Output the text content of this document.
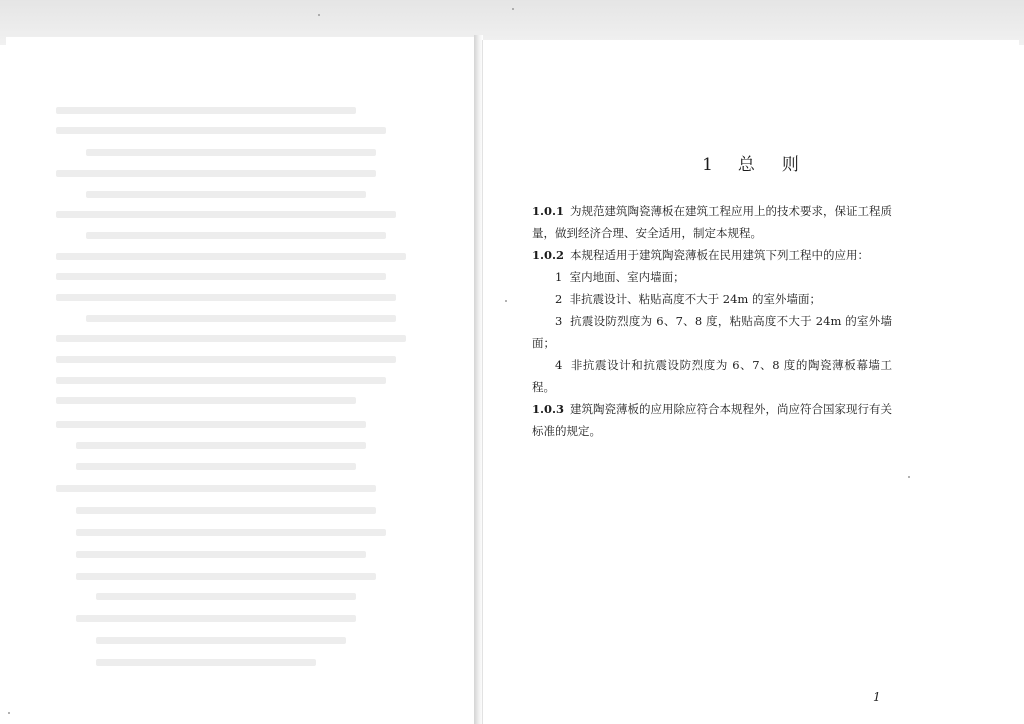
1 总 则

1.0.1 为规范建筑陶瓷薄板在建筑工程应用上的技术要求，保证工程质量，做到经济合理、安全适用，制定本规程。

1.0.2 本规程适用于建筑陶瓷薄板在民用建筑下列工程中的应用：

1 室内地面、室内墙面；

2 非抗震设计、粘贴高度不大于 24m 的室外墙面；

3 抗震设防烈度为 6、7、8 度，粘贴高度不大于 24m 的室外墙面；

4 非抗震设计和抗震设防烈度为 6、7、8 度的陶瓷薄板幕墙工程。

1.0.3 建筑陶瓷薄板的应用除应符合本规程外，尚应符合国家现行有关标准的规定。

1
